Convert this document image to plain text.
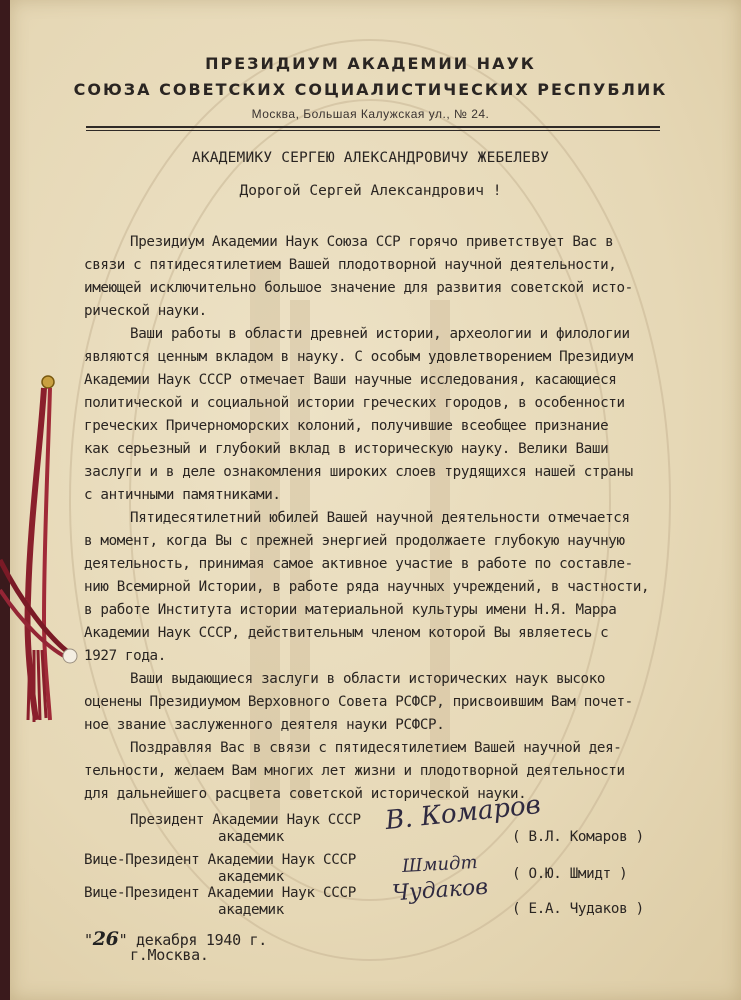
ПРЕЗИДИУМ АКАДЕМИИ НАУК
СОЮЗА СОВЕТСКИХ СОЦИАЛИСТИЧЕСКИХ РЕСПУБЛИК
Москва, Большая Калужская ул., № 24.
АКАДЕМИКУ СЕРГЕЮ АЛЕКСАНДРОВИЧУ ЖЕБЕЛЕВУ
Дорогой Сергей Александрович !
Президиум Академии Наук Союза ССР горячо приветствует Вас в
связи с пятидесятилетием Вашей плодотворной научной деятельности,
имеющей исключительно большое значение для развития советской исто-
рической науки.
Ваши работы в области древней истории, археологии и филологии
являются ценным вкладом в науку. С особым удовлетворением Президиум
Академии Наук СССР отмечает Ваши научные исследования, касающиеся
политической и социальной истории греческих городов, в особенности
греческих Причерноморских колоний, получившие всеобщее признание
как серьезный и глубокий вклад в историческую науку. Велики Ваши
заслуги и в деле ознакомления широких слоев трудящихся нашей страны
с античными памятниками.
Пятидесятилетний юбилей Вашей научной деятельности отмечается
в момент, когда Вы с прежней энергией продолжаете глубокую научную
деятельность, принимая самое активное участие в работе по составле-
нию Всемирной Истории, в работе ряда научных учреждений, в частности,
в работе Института истории материальной культуры имени Н.Я. Марра
Академии Наук СССР, действительным членом которой Вы являетесь с
1927 года.
Ваши выдающиеся заслуги в области исторических наук высоко
оценены Президиумом Верховного Совета РСФСР, присвоившим Вам почет-
ное звание заслуженного деятеля науки РСФСР.
Поздравляя Вас в связи с пятидесятилетием Вашей научной дея-
тельности, желаем Вам многих лет жизни и плодотворной деятельности
для дальнейшего расцвета советской исторической науки.
Президент Академии Наук СССР
академик	( В.Л. Комаров )
В. Комаров
Вице-Президент Академии Наук СССР
академик	( О.Ю. Шмидт )
Шмидт
Вице-Президент Академии Наук СССР
академик	( Е.А. Чудаков )
Чудаков
"26" декабря 1940 г.
г.Москва.
